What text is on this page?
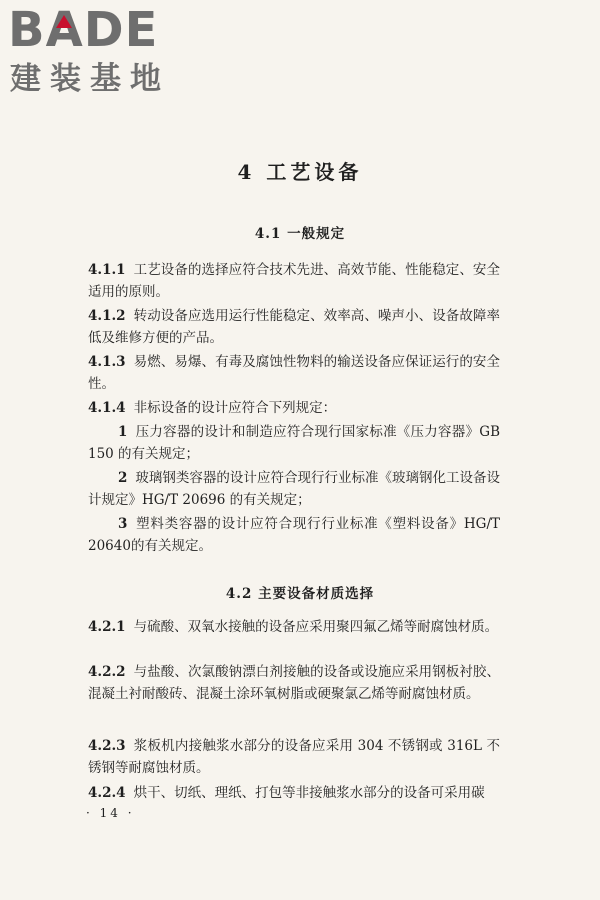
BADE
建装基地
4 工艺设备
4.1 一般规定
4.1.1 工艺设备的选择应符合技术先进、高效节能、性能稳定、安全适用的原则。
4.1.2 转动设备应选用运行性能稳定、效率高、噪声小、设备故障率低及维修方便的产品。
4.1.3 易燃、易爆、有毒及腐蚀性物料的输送设备应保证运行的安全性。
4.1.4 非标设备的设计应符合下列规定：
1 压力容器的设计和制造应符合现行国家标准《压力容器》GB 150 的有关规定；
2 玻璃钢类容器的设计应符合现行行业标准《玻璃钢化工设备设计规定》HG/T 20696 的有关规定；
3 塑料类容器的设计应符合现行行业标准《塑料设备》HG/T 20640的有关规定。
4.2 主要设备材质选择
4.2.1 与硫酸、双氧水接触的设备应采用聚四氟乙烯等耐腐蚀材质。
4.2.2 与盐酸、次氯酸钠漂白剂接触的设备或设施应采用钢板衬胶、混凝土衬耐酸砖、混凝土涂环氧树脂或硬聚氯乙烯等耐腐蚀材质。
4.2.3 浆板机内接触浆水部分的设备应采用 304 不锈钢或 316L 不锈钢等耐腐蚀材质。
4.2.4 烘干、切纸、理纸、打包等非接触浆水部分的设备可采用碳
· 14 ·
